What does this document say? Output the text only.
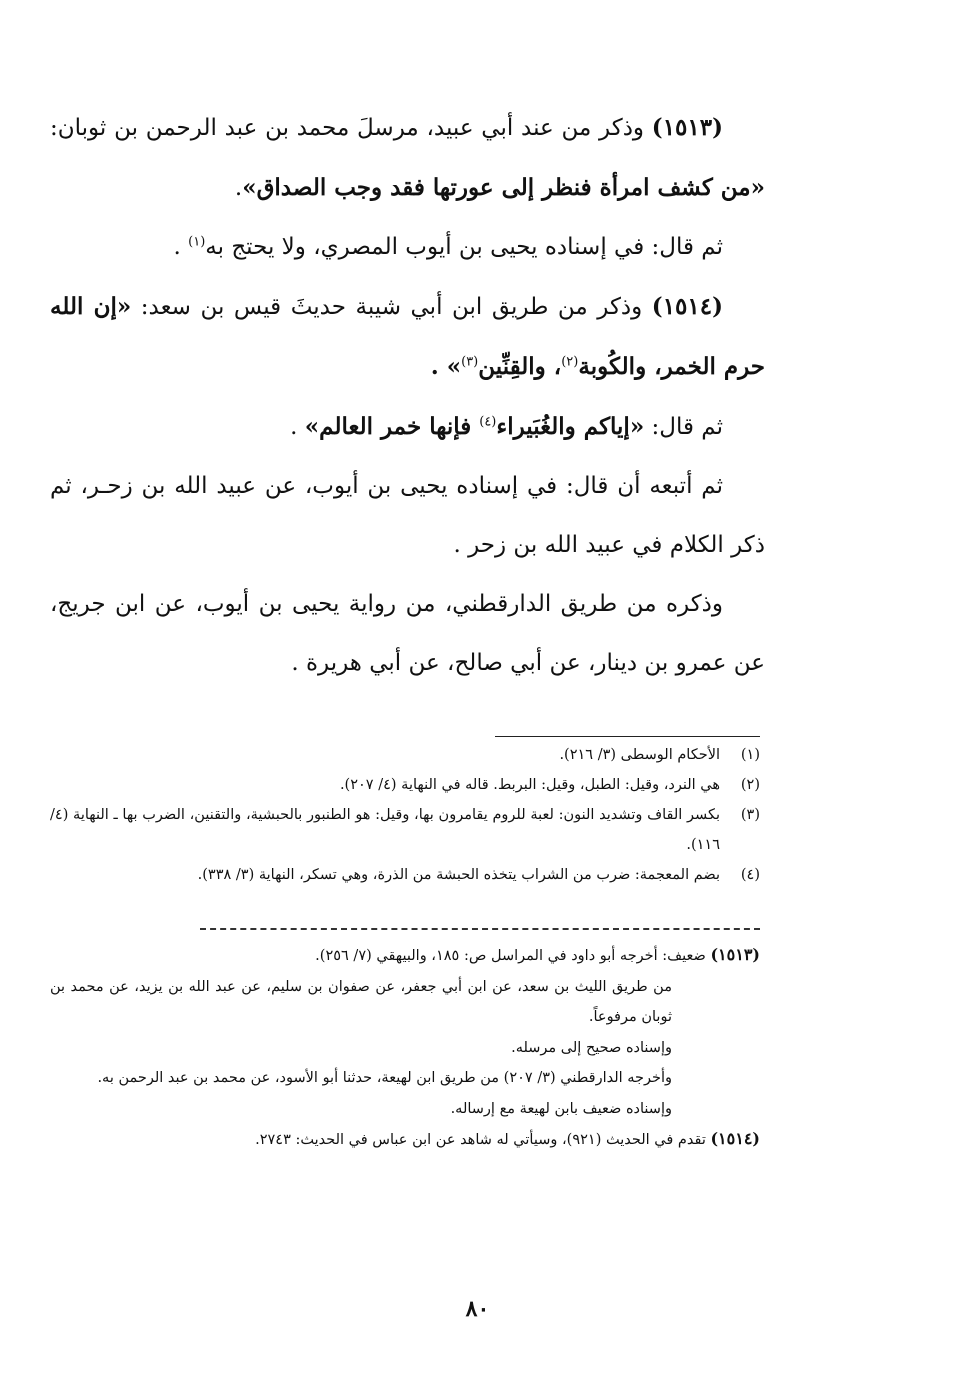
(١٥١٣) وذكر من عند أبي عبيد، مرسلَ محمد بن عبد الرحمن بن ثوبان: «من كشف امرأة فنظر إلى عورتها فقد وجب الصداق».

ثم قال: في إسناده يحيى بن أيوب المصري، ولا يحتج به$^{(١)}$ .

(١٥١٤) وذكر من طريق ابن أبي شيبة حديثَ قيس بن سعد: «إن الله حرم الخمر، والكُوبة$^{(٢)}$، والقِنِّين$^{(٣)}$» .

ثم قال: «إياكم والغُبَيراء$^{(٤)}$ فإنها خمر العالم» .

ثم أتبعه أن قال: في إسناده يحيى بن أيوب، عن عبيد الله بن زحـر، ثم ذكر الكلام في عبيد الله بن زحر .

وذكره من طريق الدارقطني، من رواية يحيى بن أيوب، عن ابن جريج، عن عمرو بن دينار، عن أبي صالح، عن أبي هريرة .

(١)
الأحكام الوسطى (٣/ ٢١٦).
(٢)
هي النرد، وقيل: الطبل، وقيل: البربط. قاله في النهاية (٤/ ٢٠٧).
(٣)
بكسر القاف وتشديد النون: لعبة للروم يقامرون بها، وقيل: هو الطنبور بالحبشية، والتقنين، الضرب بها ـ النهاية (٤/ ١١٦).
(٤)
بضم المعجمة: ضرب من الشراب يتخذه الحبشة من الذرة، وهي تسكر، النهاية (٣/ ٣٣٨).
(١٥١٣) ضعيف: أخرجه أبو داود في المراسل ص: ١٨٥، والبيهقي (٧/ ٢٥٦).
من طريق الليث بن سعد، عن ابن أبي جعفر، عن صفوان بن سليم، عن عبد الله بن يزيد، عن محمد بن ثوبان مرفوعاً.
وإسناده صحيح إلى مرسله.
وأخرجه الدارقطني (٣/ ٢٠٧) من طريق ابن لهيعة، حدثنا أبو الأسود، عن محمد بن عبد الرحمن به.
وإسناده ضعيف بابن لهيعة مع إرساله.
(١٥١٤) تقدم في الحديث (٩٢١)، وسيأتي له شاهد عن ابن عباس في الحديث: ٢٧٤٣.
٨٠
